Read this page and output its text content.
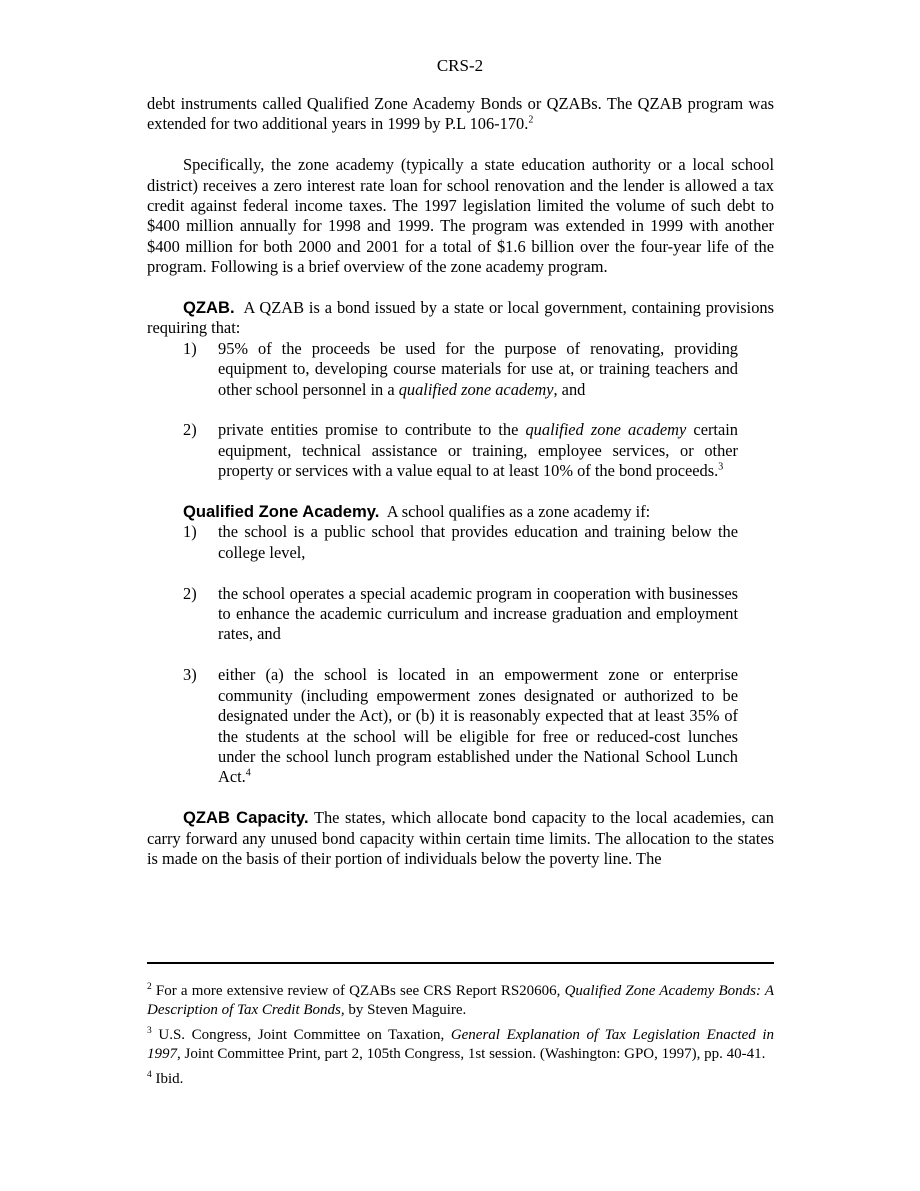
CRS-2

debt instruments called Qualified Zone Academy Bonds or QZABs. The QZAB program was extended for two additional years in 1999 by P.L 106-170.$^2$

Specifically, the zone academy (typically a state education authority or a local school district) receives a zero interest rate loan for school renovation and the lender is allowed a tax credit against federal income taxes. The 1997 legislation limited the volume of such debt to $400 million annually for 1998 and 1999. The program was extended in 1999 with another $400 million for both 2000 and 2001 for a total of $1.6 billion over the four-year life of the program. Following is a brief overview of the zone academy program.

QZAB. A QZAB is a bond issued by a state or local government, containing provisions requiring that:

1) 95% of the proceeds be used for the purpose of renovating, providing equipment to, developing course materials for use at, or training teachers and other school personnel in a qualified zone academy, and
2) private entities promise to contribute to the qualified zone academy certain equipment, technical assistance or training, employee services, or other property or services with a value equal to at least 10% of the bond proceeds.$^3$

Qualified Zone Academy. A school qualifies as a zone academy if:

1) the school is a public school that provides education and training below the college level,
2) the school operates a special academic program in cooperation with businesses to enhance the academic curriculum and increase graduation and employment rates, and
3) either (a) the school is located in an empowerment zone or enterprise community (including empowerment zones designated or authorized to be designated under the Act), or (b) it is reasonably expected that at least 35% of the students at the school will be eligible for free or reduced-cost lunches under the school lunch program established under the National School Lunch Act.$^4$

QZAB Capacity. The states, which allocate bond capacity to the local academies, can carry forward any unused bond capacity within certain time limits. The allocation to the states is made on the basis of their portion of individuals below the poverty line. The

$^2$ For a more extensive review of QZABs see CRS Report RS20606, Qualified Zone Academy Bonds: A Description of Tax Credit Bonds, by Steven Maguire.

$^3$ U.S. Congress, Joint Committee on Taxation, General Explanation of Tax Legislation Enacted in 1997, Joint Committee Print, part 2, 105th Congress, 1st session. (Washington: GPO, 1997), pp. 40-41.

$^4$ Ibid.
